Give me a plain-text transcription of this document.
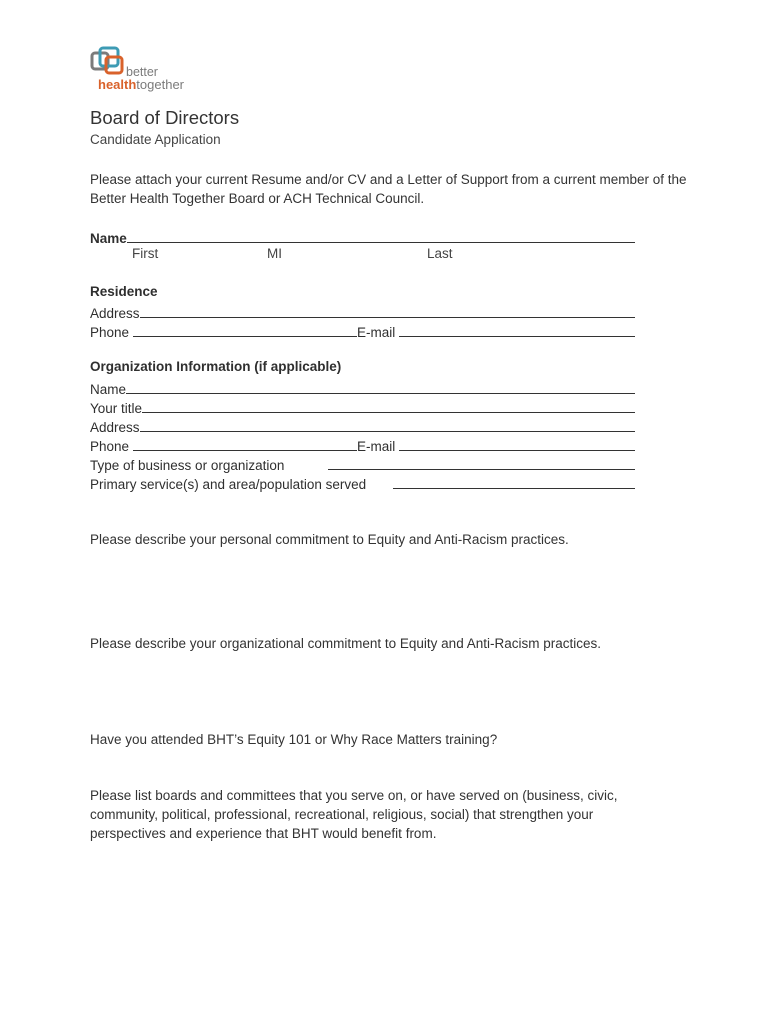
better
healthtogether
Board of Directors
Candidate Application
Please attach your current Resume and/or CV and a Letter of Support from a current member of the Better Health Together Board or ACH Technical Council.
Name
First	MI	Last
Residence
Address
Phone	E-mail
Organization Information (if applicable)
Name
Your title
Address
Phone	E-mail
Type of business or organization
Primary service(s) and area/population served
Please describe your personal commitment to Equity and Anti-Racism practices.
Please describe your organizational commitment to Equity and Anti-Racism practices.
Have you attended BHT’s Equity 101 or Why Race Matters training?
Please list boards and committees that you serve on, or have served on (business, civic, community, political, professional, recreational, religious, social) that strengthen your perspectives and experience that BHT would benefit from.
